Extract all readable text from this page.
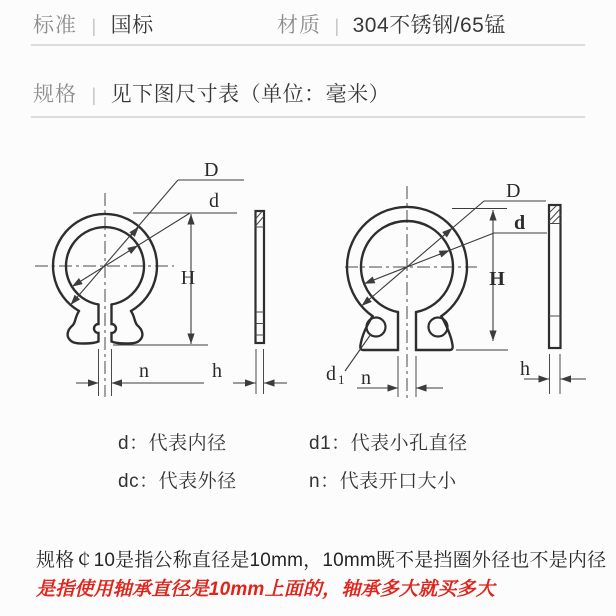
标准 | 国标	材质 | 304不锈钢/65锰
规格 | 见下图尺寸表（单位：毫米）
D
d
H
n	h
D
d
H
n	h
d 1
d：代表内径	d1：代表小孔直径
dc：代表外径	n：代表开口大小
规格￠10是指公称直径是10mm，10mm既不是挡圈外径也不是内径
是指使用轴承直径是10mm上面的，轴承多大就买多大
